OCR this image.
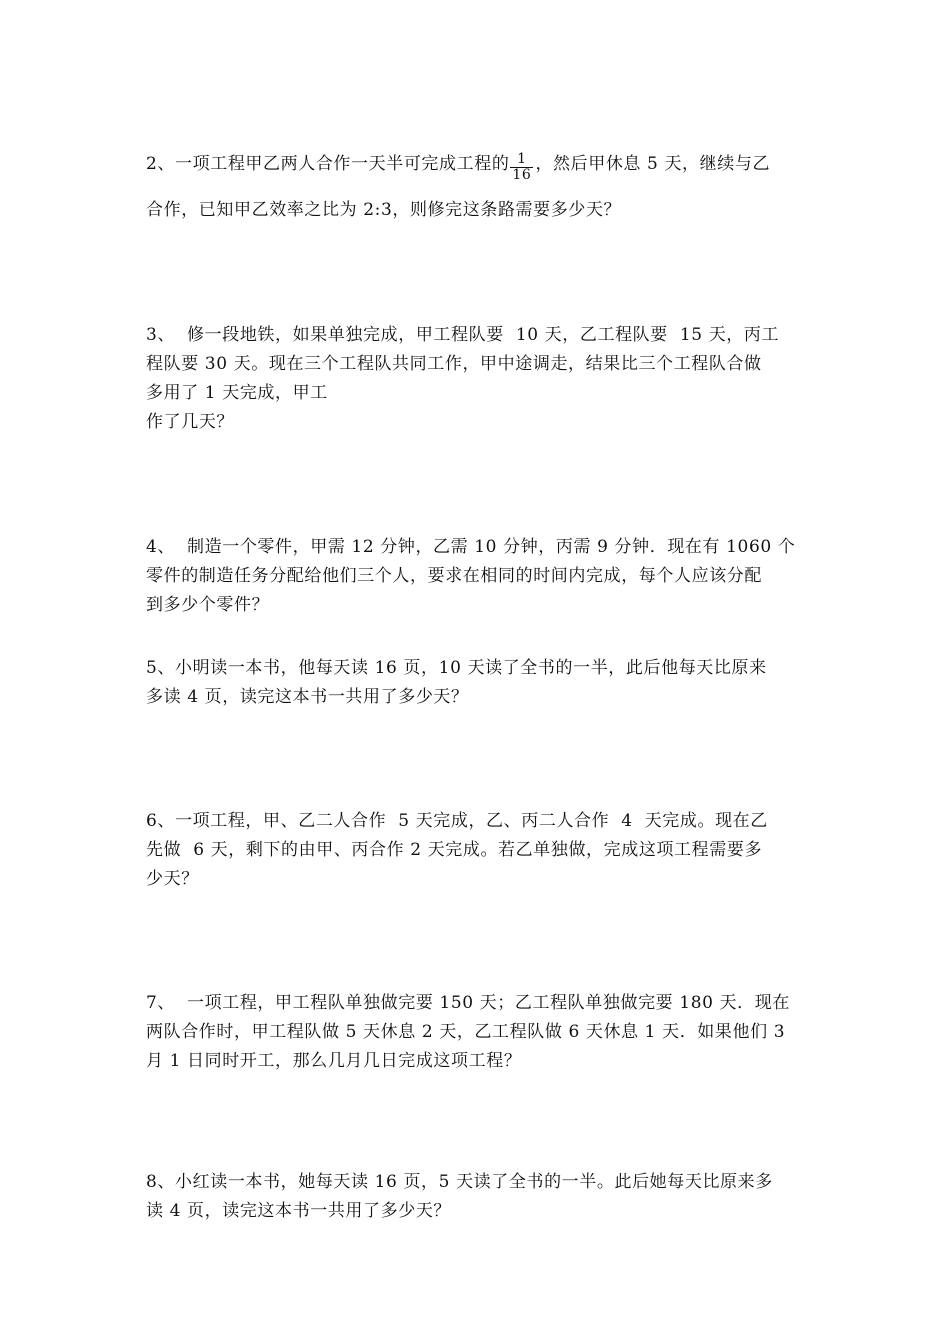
2、一项工程甲乙两人合作一天半可完成工程的 $\frac{1}{16}$ ，然后甲休息 5 天，继续与乙

合作，已知甲乙效率之比为 2:3，则修完这条路需要多少天？

3、  修一段地铁，如果单独完成，甲工程队要  10 天，乙工程队要  15 天，丙工

程队要 30 天。现在三个工程队共同工作，甲中途调走，结果比三个工程队合做

多用了 1 天完成，甲工

作了几天？

4、  制造一个零件，甲需 12 分钟，乙需 10 分钟，丙需 9 分钟．现在有 1060 个

零件的制造任务分配给他们三个人，要求在相同的时间内完成，每个人应该分配

到多少个零件？

5、小明读一本书，他每天读 16 页，10 天读了全书的一半，此后他每天比原来

多读 4 页，读完这本书一共用了多少天？

6、一项工程，甲、乙二人合作  5 天完成，乙、丙二人合作  4  天完成。现在乙

先做  6 天，剩下的由甲、丙合作 2 天完成。若乙单独做，完成这项工程需要多

少天？

7、  一项工程，甲工程队单独做完要 150 天；乙工程队单独做完要 180 天．现在

两队合作时，甲工程队做 5 天休息 2 天，乙工程队做 6 天休息 1 天．如果他们 3

月 1 日同时开工，那么几月几日完成这项工程？

8、小红读一本书，她每天读 16 页，5 天读了全书的一半。此后她每天比原来多

读 4 页，读完这本书一共用了多少天？
